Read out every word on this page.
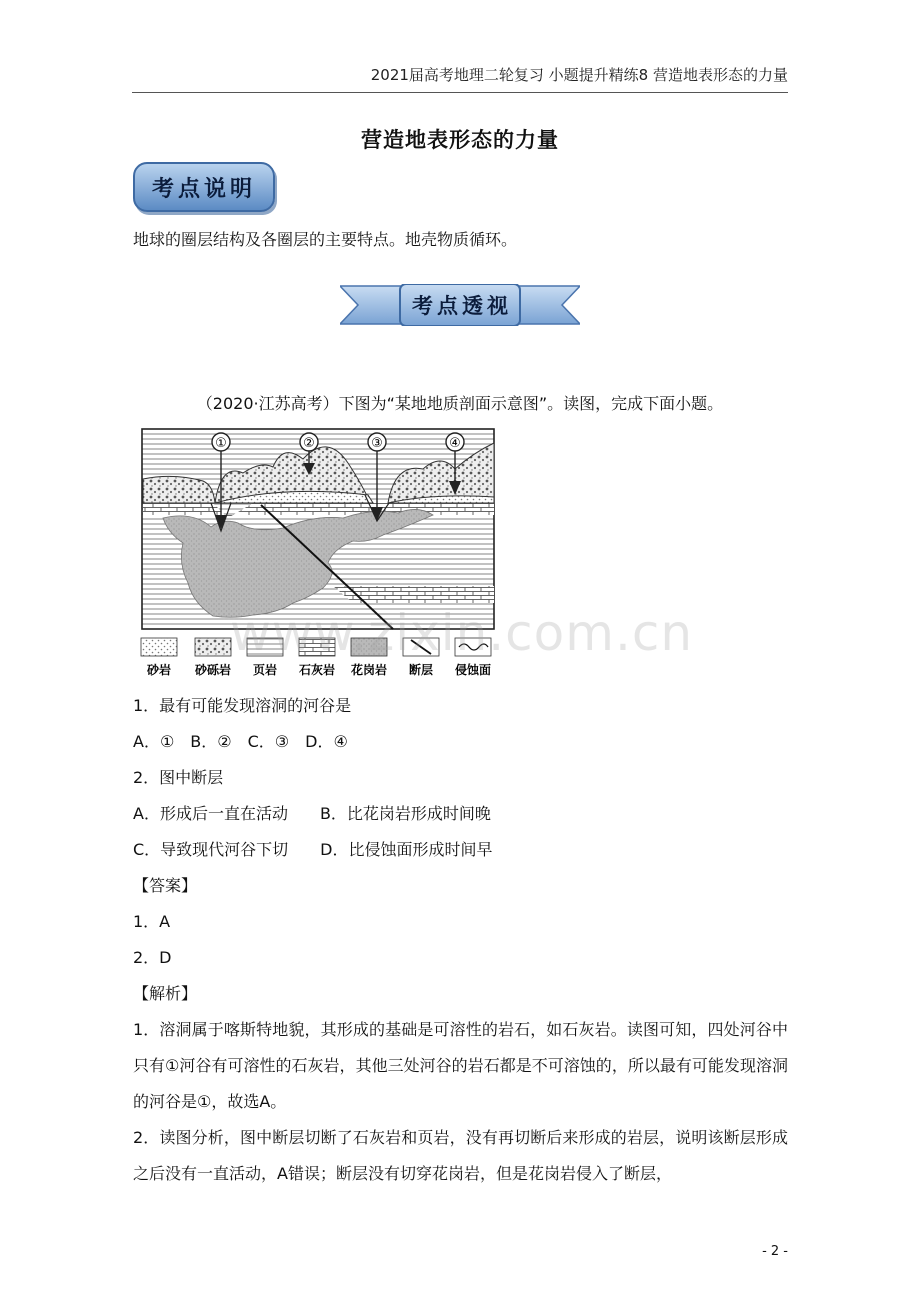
2021届高考地理二轮复习 小题提升精练8 营造地表形态的力量
营造地表形态的力量
考点说明
地球的圈层结构及各圈层的主要特点。地壳物质循环。
考点透视
（2020·江苏高考）下图为“某地地质剖面示意图”。读图，完成下面小题。
①	②	③	④
砂岩 砂砾岩 页岩 石灰岩 花岗岩 断层 侵蚀面
www.zixin.com.cn
1．最有可能发现溶洞的河谷是
A．①　B．②　C．③　D．④
2．图中断层
A．形成后一直在活动　　B．比花岗岩形成时间晚
C．导致现代河谷下切　　D．比侵蚀面形成时间早
【答案】
1．A
2．D
【解析】
1．溶洞属于喀斯特地貌，其形成的基础是可溶性的岩石，如石灰岩。读图可知，四处河谷中只有①河谷有可溶性的石灰岩，其他三处河谷的岩石都是不可溶蚀的，所以最有可能发现溶洞的河谷是①，故选A。
2．读图分析，图中断层切断了石灰岩和页岩，没有再切断后来形成的岩层，说明该断层形成之后没有一直活动，A错误；断层没有切穿花岗岩，但是花岗岩侵入了断层，
- 2 -
